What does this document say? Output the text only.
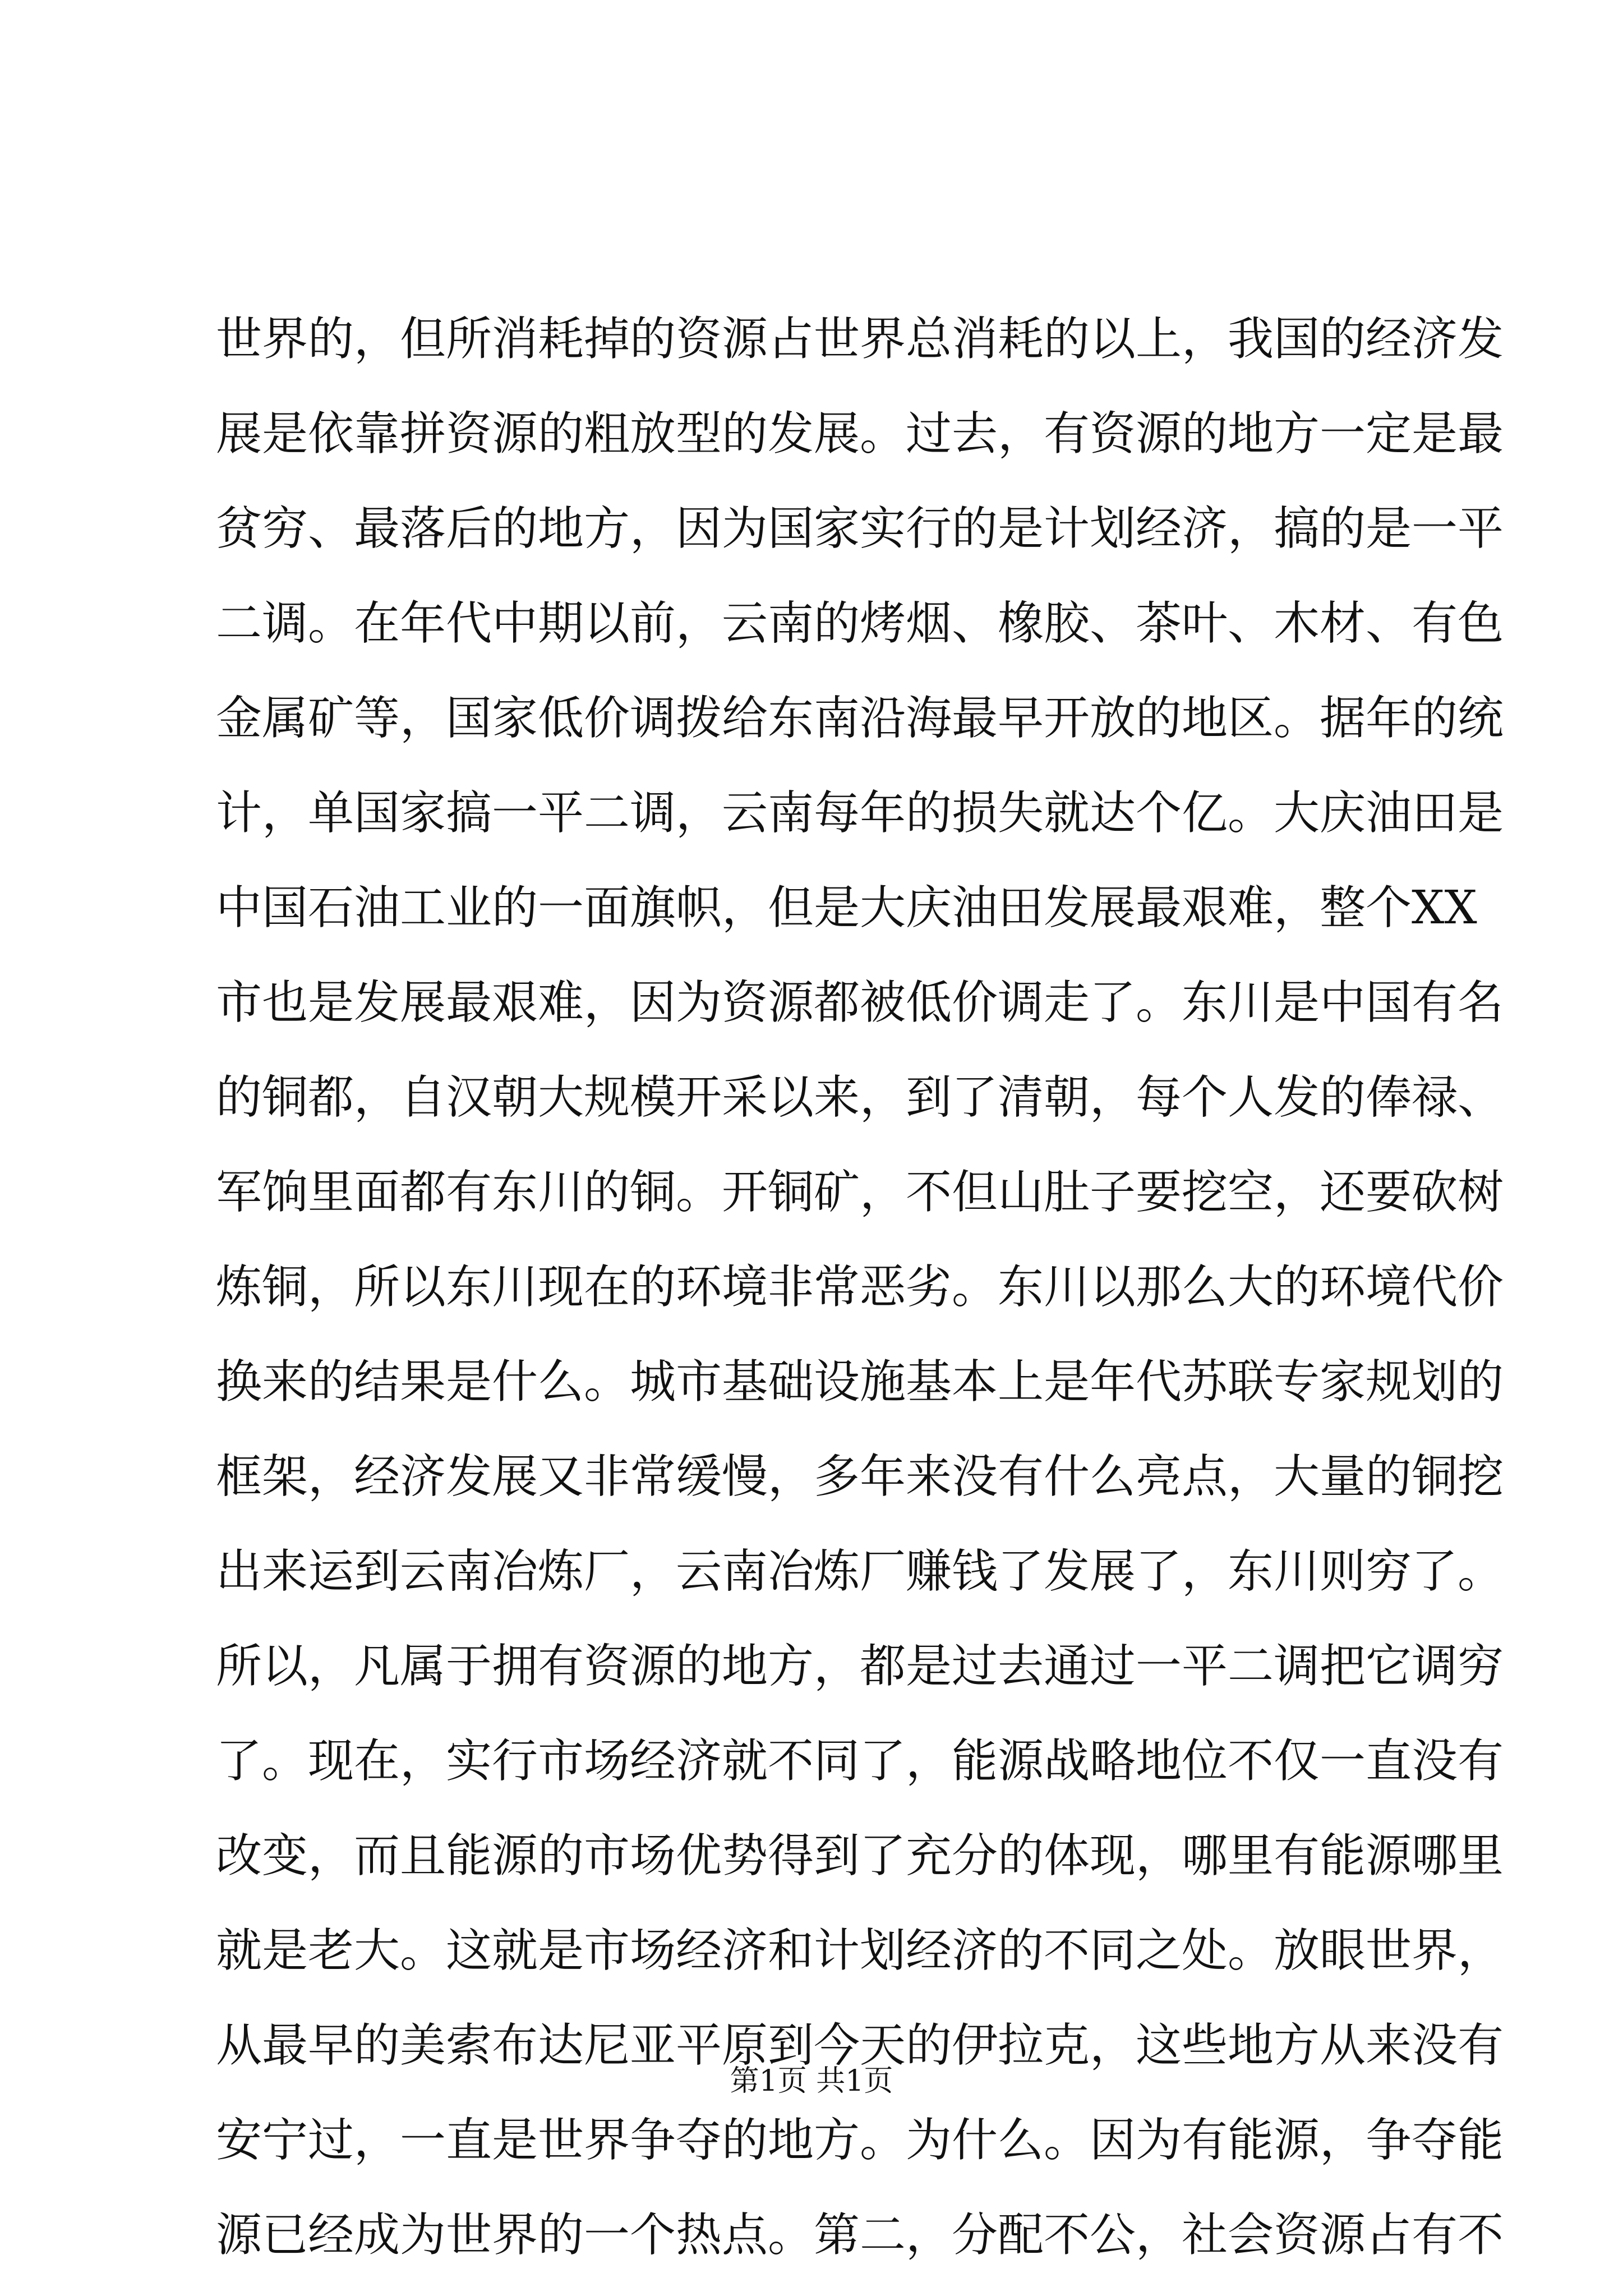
世界的，但所消耗掉的资源占世界总消耗的以上，我国的经济发
展是依靠拼资源的粗放型的发展。过去，有资源的地方一定是最
贫穷、最落后的地方，因为国家实行的是计划经济，搞的是一平
二调。在年代中期以前，云南的烤烟、橡胶、茶叶、木材、有色
金属矿等，国家低价调拨给东南沿海最早开放的地区。据年的统
计，单国家搞一平二调，云南每年的损失就达个亿。大庆油田是
中国石油工业的一面旗帜，但是大庆油田发展最艰难，整个XX
市也是发展最艰难，因为资源都被低价调走了。东川是中国有名
的铜都，自汉朝大规模开采以来，到了清朝，每个人发的俸禄、
军饷里面都有东川的铜。开铜矿，不但山肚子要挖空，还要砍树
炼铜，所以东川现在的环境非常恶劣。东川以那么大的环境代价
换来的结果是什么。城市基础设施基本上是年代苏联专家规划的
框架，经济发展又非常缓慢，多年来没有什么亮点，大量的铜挖
出来运到云南冶炼厂，云南冶炼厂赚钱了发展了，东川则穷了。
所以，凡属于拥有资源的地方，都是过去通过一平二调把它调穷
了。现在，实行市场经济就不同了，能源战略地位不仅一直没有
改变，而且能源的市场优势得到了充分的体现，哪里有能源哪里
就是老大。这就是市场经济和计划经济的不同之处。放眼世界，
从最早的美索布达尼亚平原到今天的伊拉克，这些地方从来没有
安宁过，一直是世界争夺的地方。为什么。因为有能源，争夺能
源已经成为世界的一个热点。第二，分配不公，社会资源占有不
第1页 共1页
